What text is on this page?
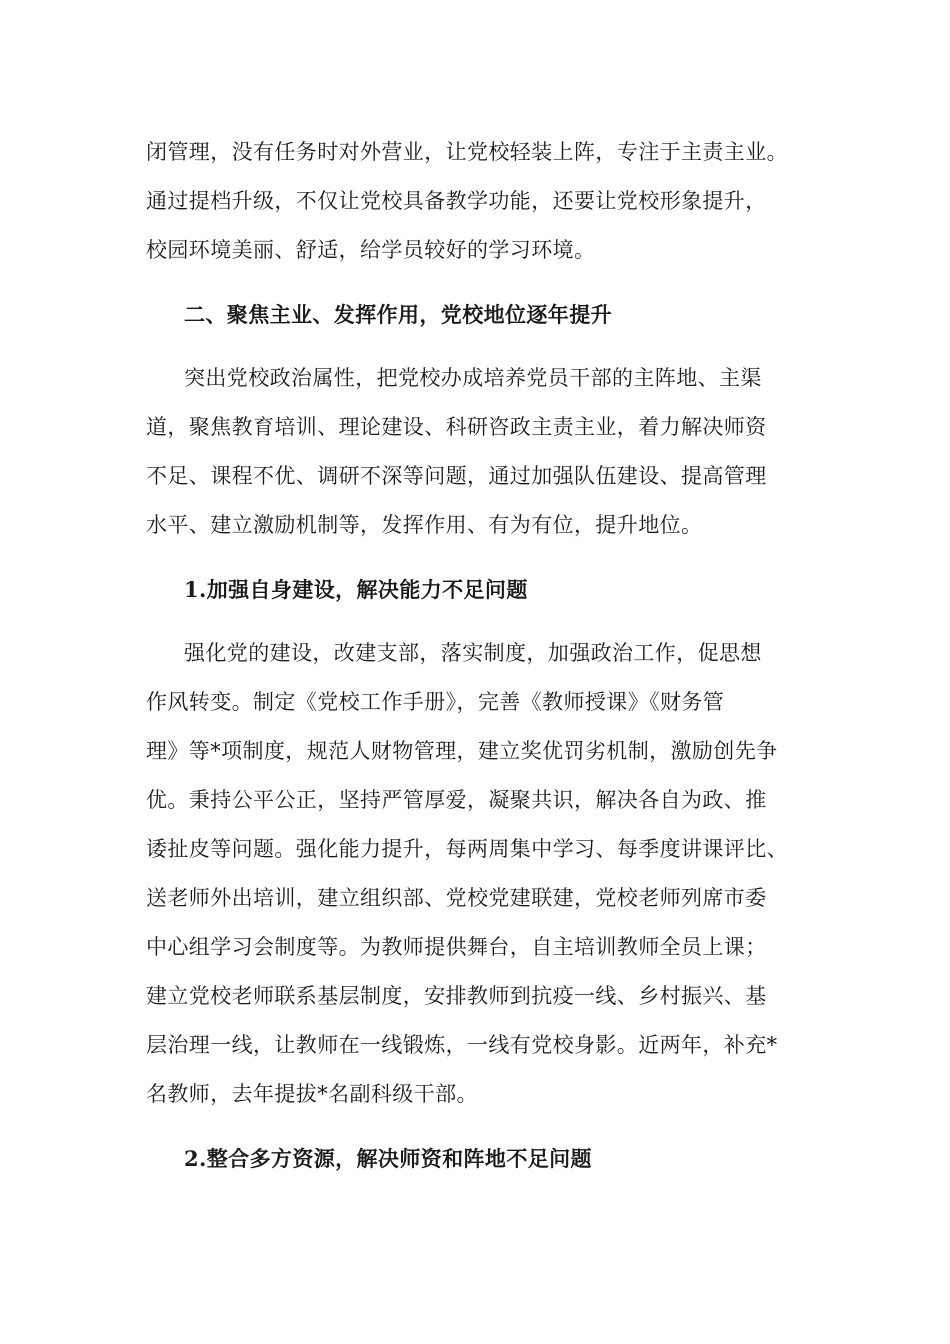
闭管理，没有任务时对外营业，让党校轻装上阵，专注于主责主业。
通过提档升级，不仅让党校具备教学功能，还要让党校形象提升，
校园环境美丽、舒适，给学员较好的学习环境。
二、聚焦主业、发挥作用，党校地位逐年提升
突出党校政治属性，把党校办成培养党员干部的主阵地、主渠
道，聚焦教育培训、理论建设、科研咨政主责主业，着力解决师资
不足、课程不优、调研不深等问题，通过加强队伍建设、提高管理
水平、建立激励机制等，发挥作用、有为有位，提升地位。
1.加强自身建设，解决能力不足问题
强化党的建设，改建支部，落实制度，加强政治工作，促思想
作风转变。制定《党校工作手册》，完善《教师授课》《财务管
理》等*项制度，规范人财物管理，建立奖优罚劣机制，激励创先争
优。秉持公平公正，坚持严管厚爱，凝聚共识，解决各自为政、推
诿扯皮等问题。强化能力提升，每两周集中学习、每季度讲课评比、
送老师外出培训，建立组织部、党校党建联建，党校老师列席市委
中心组学习会制度等。为教师提供舞台，自主培训教师全员上课；
建立党校老师联系基层制度，安排教师到抗疫一线、乡村振兴、基
层治理一线，让教师在一线锻炼，一线有党校身影。近两年，补充*
名教师，去年提拔*名副科级干部。
2.整合多方资源，解决师资和阵地不足问题
